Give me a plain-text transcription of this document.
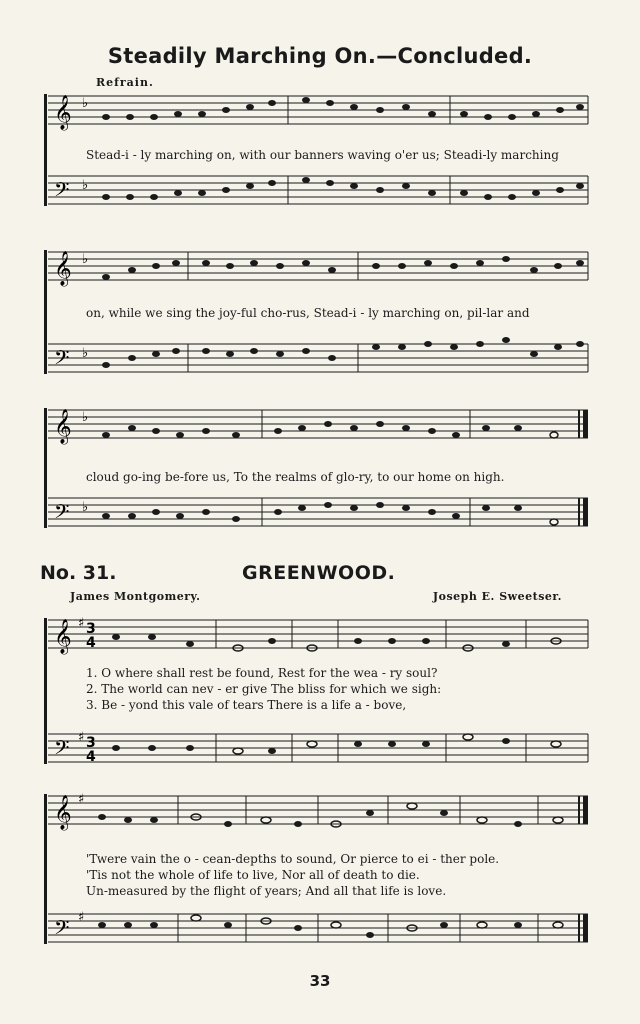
Steadily Marching On.—Concluded.
Refrain.
𝄞
𝄢
♭
♭
Stead-i - ly marching on, with our banners waving o'er us; Steadi-ly marching
𝄞
𝄢
♭
♭
on, while we sing the joy-ful cho-rus, Stead-i - ly marching on, pil-lar and
𝄞
𝄢
♭
♭
cloud go-ing be-fore us, To the realms of glo-ry, to our home on high.
No. 31.	GREENWOOD.
James Montgomery.	Joseph E. Sweetser.
𝄞
𝄢
♯
♯
3
4
3
4
1. O where shall rest be found, Rest for the wea - ry soul?
2. The world can nev - er give The bliss for which we sigh:
3. Be - yond this vale of tears There is a life a - bove,
𝄞
𝄢
♯
♯
'Twere vain the o - cean-depths to sound, Or pierce to ei - ther pole.
'Tis not the whole of life to live, Nor all of death to die.
Un-measured by the flight of years; And all that life is love.
33
